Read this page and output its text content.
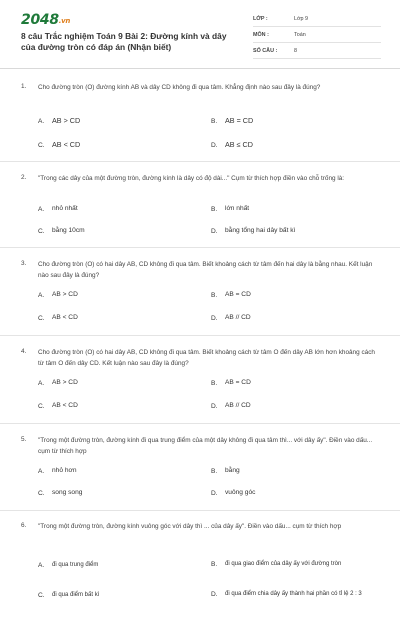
2048.vn
8 câu Trắc nghiệm Toán 9 Bài 2: Đường kính và dây của đường tròn có đáp án (Nhận biết)
LỚP :	Lớp 9
MÔN :	Toán
SỐ CÂU :	8
1.	Cho đường tròn (O) đường kính AB và dây CD không đi qua tâm. Khẳng định nào sau đây là đúng?
A.	AB > CD	B.	AB = CD
C.	AB < CD	D.	AB ≤ CD
2.	"Trong các dây của một đường tròn, đường kính là dây có độ dài..." Cụm từ thích hợp điền vào chỗ trống là:
A.	nhỏ nhất	B.	lớn nhất
C.	bằng 10cm	D.	bằng tổng hai dây bất kì
3.	Cho đường tròn (O) có hai dây AB, CD không đi qua tâm. Biết khoảng cách từ tâm đến hai dây là bằng nhau. Kết luận nào sau đây là đúng?
A.	AB > CD	B.	AB = CD
C.	AB < CD	D.	AB // CD
4.	Cho đường tròn (O) có hai dây AB, CD không đi qua tâm. Biết khoảng cách từ tâm O đến dây AB lớn hơn khoảng cách từ tâm O đến dây CD. Kết luận nào sau đây là đúng?
A.	AB > CD	B.	AB = CD
C.	AB < CD	D.	AB // CD
5.	"Trong một đường tròn, đường kính đi qua trung điểm của một dây không đi qua tâm thì... với dây ấy". Điền vào dấu... cụm từ thích hợp
A.	nhỏ hơn	B.	bằng
C.	song song	D.	vuông góc
6.	"Trong một đường tròn, đường kính vuông góc với dây thì ... của dây ấy". Điền vào dấu... cụm từ thích hợp
A.	đi qua trung điểm	B.	đi qua giao điểm của dây ấy với đường tròn
C.	đi qua điểm bất kì	D.	đi qua điểm chia dây ấy thành hai phần có tỉ lệ 2 : 3
